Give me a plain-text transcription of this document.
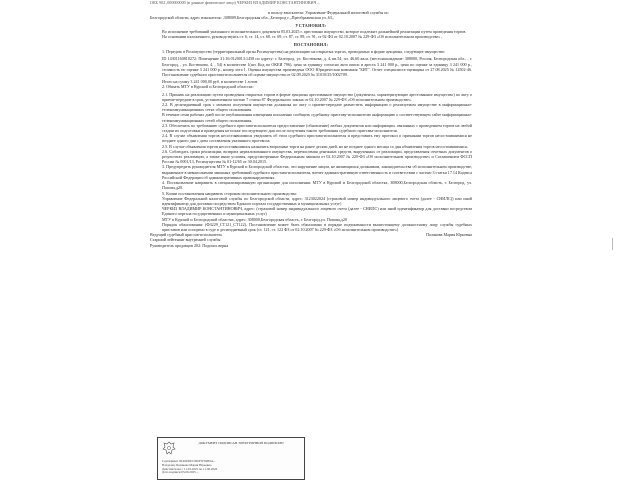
ОКБ 902 ,000000000 (в данные физическое лицо) ЧЕРКИЗ ВЛАДИМИР КОНСТАНТИНОВИЧ ...
в пользу взыскателя: Управление Федеральной налоговой службы по
Белгородской области, адрес взыскателя: ,308009,Белгородская обл.,,Белгород г.,,Преображенская ул.,63,,
УСТАНОВИЛ:
Во исполнение требований указанного исполнительного документа 05.03.2025 г. арестовано имущество, которое подлежит дальнейшей реализации путем проведения торгов.
На основании изложенного, руководствуясь ст. 6, ст. 14, ст. 68, ст. 69, ст. 87, ст. 89, ст. 91, ст 92 ФЗ от 02.10.2007 № 229-ФЗ «Об исполнительном производстве» ,
ПОСТАНОВИЛ:
1. Передать в Росимущество (территориальный орган Росимущества) на реализацию на открытых торгах, проводимых в форме аукциона, следующее имущество:
ID 14301160810272: Помещение 31:16:0120013:1458 по адресу: г. Белгород, ул. Костюкова, д. 4, кв.54, пл. 46,60 кв.м. (местонахождение: 308000, Россия, Белгородская обл., , г. Белгород, , ул. Костюкова, 4, , 54) в количестве 1(шт. Код по ОКЕИ 796), цена за единицу согласно акта описи и ареста 3 241 000 р., цена по оценке за единицу 3 241 000 р., стоимость по оценке 3 241 000 р., номер лота 1. Оценка имущества произведена ООО Юридическая компания "БИТ". Отчет специалиста-оценщика от 27.08.2025 № 12502-46. Постановление судебного пристава-исполнителя об оценке имущества от 02.09.2025 № 31010/25/1002709.
Итого на сумму 3 241 000,00 руб. в количестве 1 лотов.
2. Обязать МТУ в Курской и Белгородской областях:
2.1. Принять на реализацию путем проведения открытых торгов в форме аукциона арестованное имущество (документы, характеризующие арестованное имущество) по акту о приеме-передаче в срок, установленном частью 7 статьи 87 Федерального закона от 02.10.2007 № 229-ФЗ «Об исполнительном производстве».
2.2. В десятидневный срок с момента получения имущества должника по акту о приеме-передаче разместить информацию о реализуемом имуществе в информационно-телекоммуникационных сетях общего пользования.
В течение семи рабочих дней после опубликования извещения письменно сообщить судебному приставу-исполнителю информацию о соответствующем сайте информационно-телекоммуникационных сетей общего пользования.
2.3. Обеспечить по требованию судебного пристава-исполнителя предоставление (обновление) любых документов или информации, связанных с проведением торгов на любой стадии их подготовки и проведения не позже последующего дня после получения такого требования судебного пристава-исполнителя.
2.4. В случае объявления торгов несостоявшимися уведомить об этом судебного пристава-исполнителя и представить ему протокол о признании торгов несостоявшимися не позднее одного дня с даты составления указанного протокола.
2.5. В случае объявления торгов несостоявшимися назначить вторичные торги на ранее десяти дней, но не позднее одного месяца со дня объявления торгов несостоявшимися.
2.6. Соблюдать сроки реализации, возврата нереализованного имущества, перечисления денежных средств, вырученных от реализации, представления отчетных документов о результатах реализации, а также иные условия, предусмотренные Федеральным законом от 02.10.2007 № 229-ФЗ «Об исполнительном производстве» и Соглашением ФССП России № 0001/13, Росимущества № 01-12/65 от 30.04.2015.
3. Предупредить руководителя МТУ в Курской и Белгородской областях, что нарушение лицом, не являющимся должником, законодательства об исполнительном производстве, выраженное в невыполнении законных требований судебного пристава-исполнителя, влечет административную ответственность в соответствии с частью 3 статьи 17.14 Кодекса Российской Федерации об административных правонарушениях.
4. Постановление направить в специализированную организацию для исполнения: МТУ в Курской и Белгородской областях, 308000,Белгородская область, г. Белгород, ул. Попова,д20.
5. Копии постановления направить сторонам исполнительного производства:
Управление Федеральной налоговой службы по Белгородской области, адрес: 3123022024 (страховой номер индивидуального лицевого счета (далее - СНИЛС)) или иной идентификатор для доставки посредством Единого портала государственных и муниципальных услуг)
ЧЕРКИЗ ВЛАДИМИР КОНСТАНТИНОВИЧ, адрес: (страховой номер индивидуального лицевого счета (далее - СНИЛС) или иной идентификатор для доставки посредством Единого портала государственных и муниципальных услуг)
МТУ в Курской и Белгородской областях, адрес: 308000,Белгородская область, г. Белгород,ул. Попова,д20
Порядок обжалования: (ФЗ229_СТ121_СТ122), Постановление может быть обжаловано в порядке подчиненности вышестоящему должностному лицу службы судебных приставов или оспорено в суде в десятидневный срок (ст. 121, ст. 122 ФЗ от 02.10.2007 № 229-ФЗ «Об исполнительном производстве»)
Ведущий судебный пристав-исполнитель	Полякова Мария Юрьевна
Старший лейтенант внутренней службы
Руководитель продавцов 202: Подпись верна
ДОКУМЕНТ ПОДПИСАН ЭЛЕКТРОННОЙ ПОДПИСЬЮ
Сертификат 00A0D0EC096F5F92B0A...
Владелец Полякова Мария Юрьевна
Действителен с 11.03.2025 по 11.06.2026
Дата подписи 03.09.2025 ...
